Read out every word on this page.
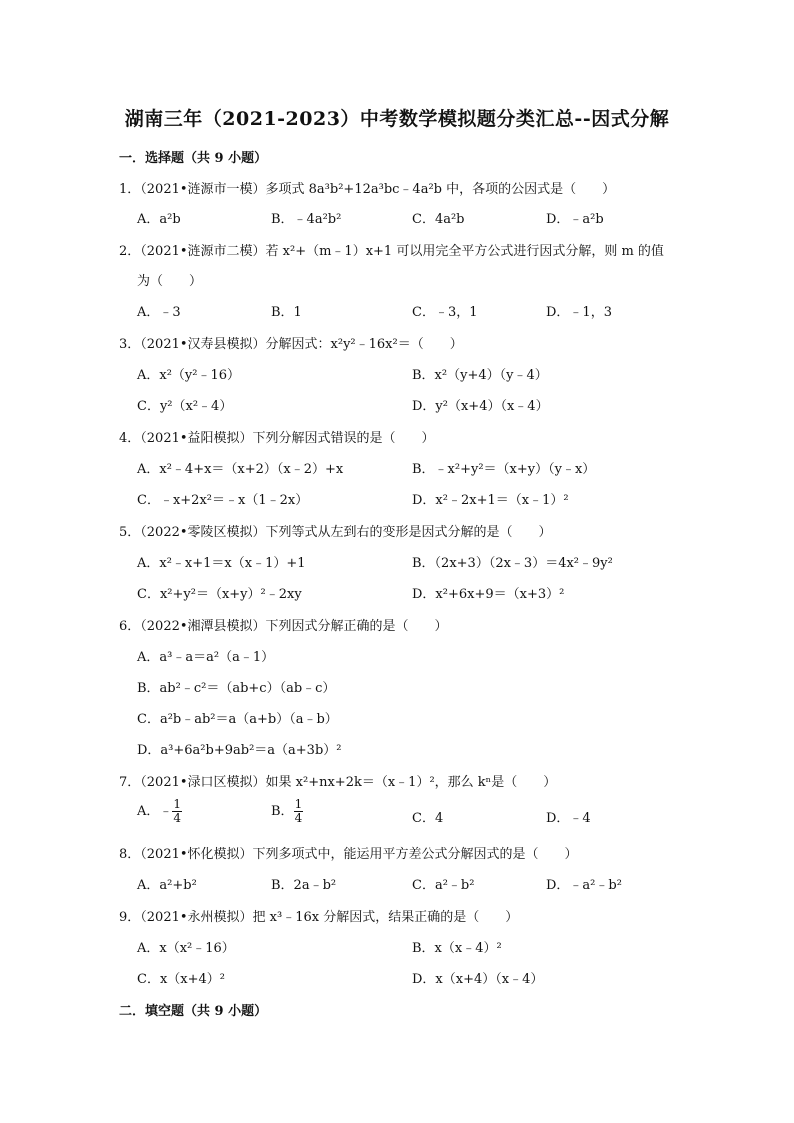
湖南三年（2021-2023）中考数学模拟题分类汇总--因式分解
一．选择题（共 9 小题）
1．（2021•涟源市一模）多项式 8a³b²+12a³bc﹣4a²b 中，各项的公因式是（　　）
A．a²b	B．﹣4a²b²	C．4a²b	D．﹣a²b
2．（2021•涟源市二模）若 x²+（m﹣1）x+1 可以用完全平方公式进行因式分解，则 m 的值
为（　　）
A．﹣3	B．1	C．﹣3，1	D．﹣1，3
3．（2021•汉寿县模拟）分解因式：x²y²﹣16x²＝（　　）
A．x²（y²﹣16）	B．x²（y+4）（y﹣4）
C．y²（x²﹣4）	D．y²（x+4）（x﹣4）
4．（2021•益阳模拟）下列分解因式错误的是（　　）
A．x²﹣4+x＝（x+2）（x﹣2）+x	B．﹣x²+y²＝（x+y）（y﹣x）
C．﹣x+2x²＝﹣x（1﹣2x）	D．x²﹣2x+1＝（x﹣1）²
5．（2022•零陵区模拟）下列等式从左到右的变形是因式分解的是（　　）
A．x²﹣x+1＝x（x﹣1）+1	B．（2x+3）（2x﹣3）＝4x²﹣9y²
C．x²+y²＝（x+y）²﹣2xy	D．x²+6x+9＝（x+3）²
6．（2022•湘潭县模拟）下列因式分解正确的是（　　）
A．a³﹣a＝a²（a﹣1）
B．ab²﹣c²＝（ab+c）（ab﹣c）
C．a²b﹣ab²＝a（a+b）（a﹣b）
D．a³+6a²b+9ab²＝a（a+3b）²
7．（2021•渌口区模拟）如果 x²+nx+2k＝（x﹣1）²，那么 kⁿ是（　　）
A．﹣ $\frac{1}{4}$	B． $\frac{1}{4}$	C．4	D．﹣4
8．（2021•怀化模拟）下列多项式中，能运用平方差公式分解因式的是（　　）
A．a²+b²	B．2a﹣b²	C．a²﹣b²	D．﹣a²﹣b²
9．（2021•永州模拟）把 x³﹣16x 分解因式，结果正确的是（　　）
A．x（x²﹣16）	B．x（x﹣4）²
C．x（x+4）²	D．x（x+4）（x﹣4）
二．填空题（共 9 小题）
